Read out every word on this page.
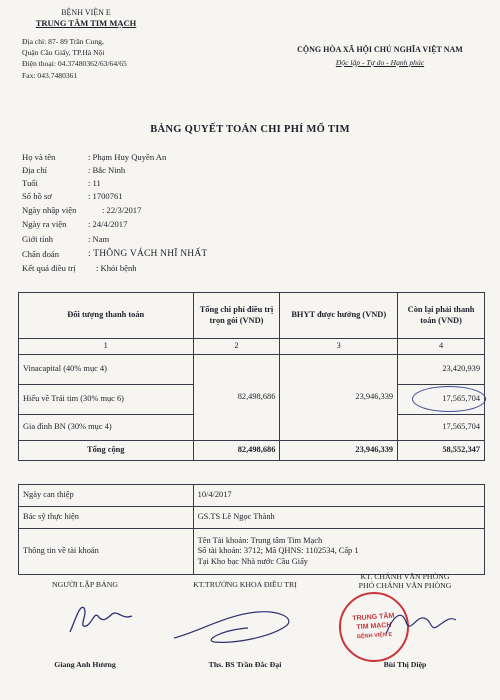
BỆNH VIỆN E
TRUNG TÂM TIM MẠCH
Địa chỉ: 87- 89 Trần Cung,
Quận Cầu Giấy, TP.Hà Nội
Điện thoại: 04.37480362/63/64/65
Fax: 043.7480361
CỘNG HÒA XÃ HỘI CHỦ NGHĨA VIỆT NAM
Độc lập - Tự do - Hạnh phúc
BẢNG QUYẾT TOÁN CHI PHÍ MỔ TIM
Họ và tên	: Phạm Huy Quyền An
Địa chỉ	: Bắc Ninh
Tuổi	: 11
Số hồ sơ	: 1700761
Ngày nhập viện	: 22/3/2017
Ngày ra viện	: 24/4/2017
Giới tính	: Nam
Chẩn đoán	: THÔNG VÁCH NHĨ NHẤT
Kết quả điều trị	: Khỏi bệnh
Đối tượng thanh toán	Tổng chi phí điều trị trọn gói (VND)	BHYT được hưởng (VND)	Còn lại phải thanh toán (VND)
1	2	3	4
Vinacapital (40% mục 4)	82,498,686	23,946,339	23,420,939
Hiểu về Trái tim (30% mục 6)			17,565,704
Gia đình BN (30% mục 4)			17,565,704
Tổng cộng	82,498,686	23,946,339	58,552,347
Ngày can thiệp	10/4/2017
Bác sỹ thực hiện	GS.TS Lê Ngọc Thành
Thông tin về tài khoản	Tên Tài khoản: Trung tâm Tim Mạch
Số tài khoản: 3712; Mã QHNS: 1102534, Cấp 1
Tại Kho bạc Nhà nước Cầu Giấy
NGƯỜI LẬP BẢNG
Giang Anh Hương
KT.TRƯỞNG KHOA ĐIỀU TRỊ
Ths. BS Trần Đắc Đại
KT. CHÁNH VĂN PHÒNG
PHÓ CHÁNH VĂN PHÒNG
TRUNG TÂM
TIM MẠCH
BỆNH VIỆN E
Bùi Thị Diệp
